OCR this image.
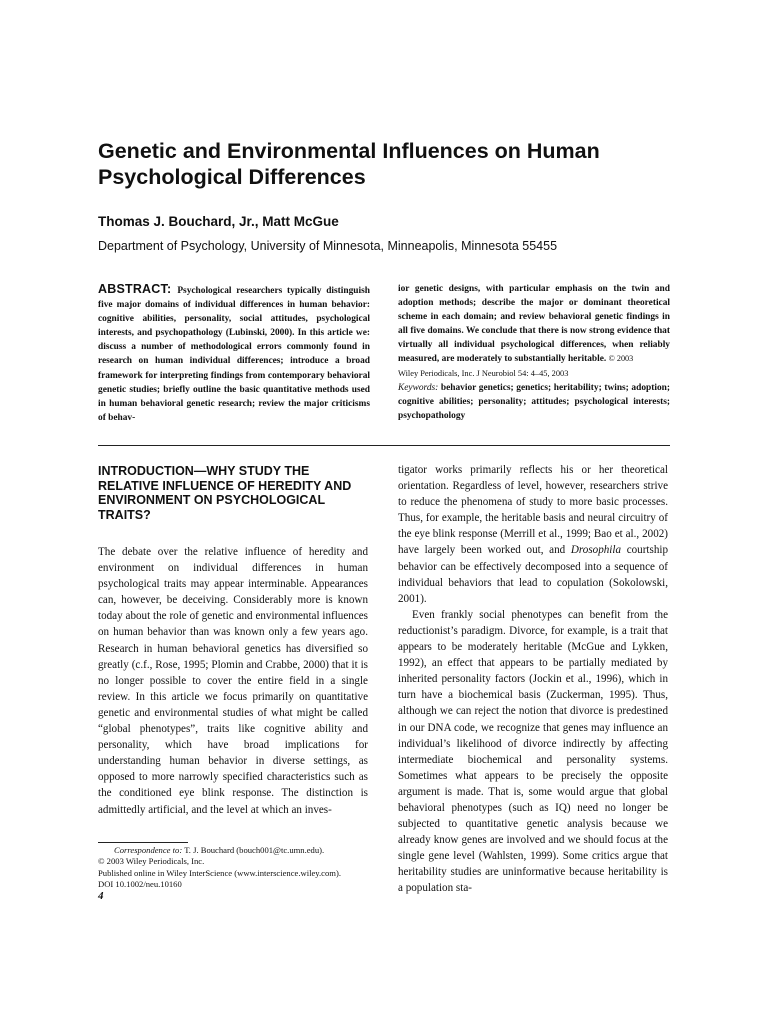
Genetic and Environmental Influences on Human Psychological Differences
Thomas J. Bouchard, Jr., Matt McGue
Department of Psychology, University of Minnesota, Minneapolis, Minnesota 55455
ABSTRACT: Psychological researchers typically distinguish five major domains of individual differences in human behavior: cognitive abilities, personality, social attitudes, psychological interests, and psychopathology (Lubinski, 2000). In this article we: discuss a number of methodological errors commonly found in research on human individual differences; introduce a broad framework for interpreting findings from contemporary behavioral genetic studies; briefly outline the basic quantitative methods used in human behavioral genetic research; review the major criticisms of behav-
ior genetic designs, with particular emphasis on the twin and adoption methods; describe the major or dominant theoretical scheme in each domain; and review behavioral genetic findings in all five domains. We conclude that there is now strong evidence that virtually all individual psychological differences, when reliably measured, are moderately to substantially heritable. © 2003
Wiley Periodicals, Inc. J Neurobiol 54: 4–45, 2003
Keywords: behavior genetics; genetics; heritability; twins; adoption; cognitive abilities; personality; attitudes; psychological interests; psychopathology
INTRODUCTION—WHY STUDY THE RELATIVE INFLUENCE OF HEREDITY AND ENVIRONMENT ON PSYCHOLOGICAL TRAITS?

The debate over the relative influence of heredity and environment on individual differences in human psychological traits may appear interminable. Appearances can, however, be deceiving. Considerably more is known today about the role of genetic and environmental influences on human behavior than was known only a few years ago. Research in human behavioral genetics has diversified so greatly (c.f., Rose, 1995; Plomin and Crabbe, 2000) that it is no longer possible to cover the entire field in a single review. In this article we focus primarily on quantitative genetic and environmental studies of what might be called “global phenotypes”, traits like cognitive ability and personality, which have broad implications for understanding human behavior in diverse settings, as opposed to more narrowly specified characteristics such as the conditioned eye blink response. The distinction is admittedly artificial, and the level at which an inves-

tigator works primarily reflects his or her theoretical orientation. Regardless of level, however, researchers strive to reduce the phenomena of study to more basic processes. Thus, for example, the heritable basis and neural circuitry of the eye blink response (Merrill et al., 1999; Bao et al., 2002) have largely been worked out, and Drosophila courtship behavior can be effectively decomposed into a sequence of individual behaviors that lead to copulation (Sokolowski, 2001).

Even frankly social phenotypes can benefit from the reductionist’s paradigm. Divorce, for example, is a trait that appears to be moderately heritable (McGue and Lykken, 1992), an effect that appears to be partially mediated by inherited personality factors (Jockin et al., 1996), which in turn have a biochemical basis (Zuckerman, 1995). Thus, although we can reject the notion that divorce is predestined in our DNA code, we recognize that genes may influence an individual’s likelihood of divorce indirectly by affecting intermediate biochemical and personality systems. Sometimes what appears to be precisely the opposite argument is made. That is, some would argue that global behavioral phenotypes (such as IQ) need no longer be subjected to quantitative genetic analysis because we already know genes are involved and we should focus at the single gene level (Wahlsten, 1999). Some critics argue that heritability studies are uninformative because heritability is a population sta-

Correspondence to: T. J. Bouchard (bouch001@tc.umn.edu).
© 2003 Wiley Periodicals, Inc.
Published online in Wiley InterScience (www.interscience.wiley.com).
DOI 10.1002/neu.10160
4
